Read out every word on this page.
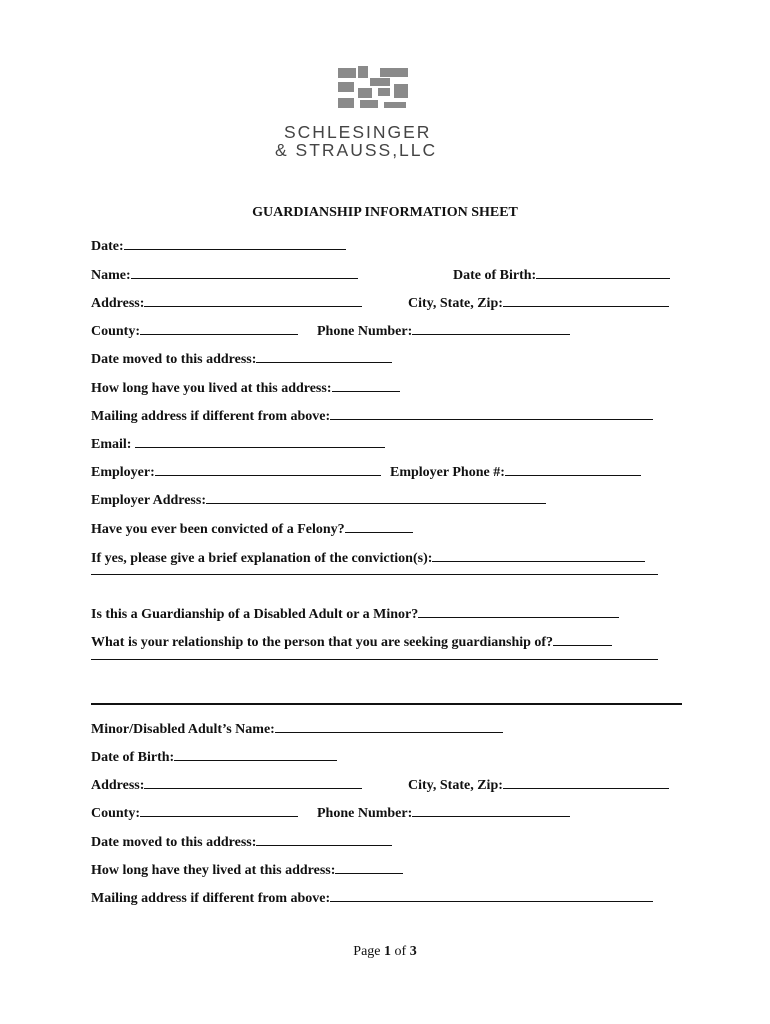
SCHLESINGER
& STRAUSS,LLC
GUARDIANSHIP INFORMATION SHEET
Date:
Name:	Date of Birth:
Address:	City, State, Zip:
County:	Phone Number:
Date moved to this address:
How long have you lived at this address:
Mailing address if different from above:
Email:
Employer:	Employer Phone #:
Employer Address:
Have you ever been convicted of a Felony?
If yes, please give a brief explanation of the conviction(s):
Is this a Guardianship of a Disabled Adult or a Minor?
What is your relationship to the person that you are seeking guardianship of?
Minor/Disabled Adult’s Name:
Date of Birth:
Address:	City, State, Zip:
County:	Phone Number:
Date moved to this address:
How long have they lived at this address:
Mailing address if different from above:
Page 1 of 3
